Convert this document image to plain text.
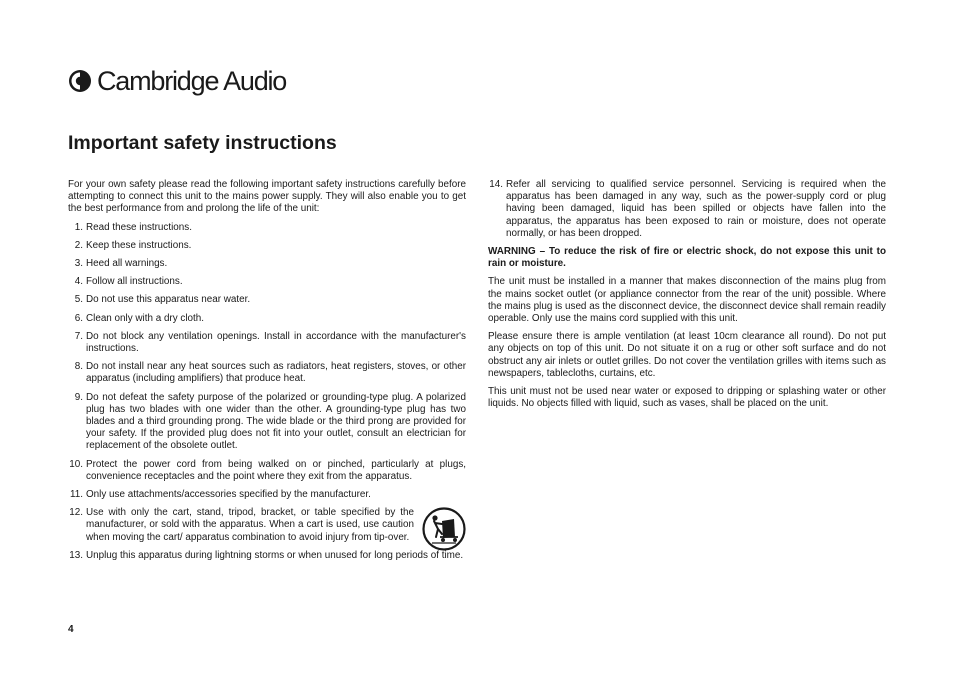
Cambridge Audio
Important safety instructions

For your own safety please read the following important safety instructions carefully before attempting to connect this unit to the mains power supply. They will also enable you to get the best performance from and prolong the life of the unit:

1. Read these instructions.
2. Keep these instructions.
3. Heed all warnings.
4. Follow all instructions.
5. Do not use this apparatus near water.
6. Clean only with a dry cloth.
7. Do not block any ventilation openings. Install in accordance with the manufacturer's instructions.
8. Do not install near any heat sources such as radiators, heat registers, stoves, or other apparatus (including amplifiers) that produce heat.
9. Do not defeat the safety purpose of the polarized or grounding-type plug. A polarized plug has two blades with one wider than the other. A grounding-type plug has two blades and a third grounding prong. The wide blade or the third prong are provided for your safety. If the provided plug does not fit into your outlet, consult an electrician for replacement of the obsolete outlet.
10. Protect the power cord from being walked on or pinched, particularly at plugs, convenience receptacles and the point where they exit from the apparatus.
11. Only use attachments/accessories specified by the manufacturer.
12. Use with only the cart, stand, tripod, bracket, or table specified by the manufacturer, or sold with the apparatus. When a cart is used, use caution when moving the cart/ apparatus combination to avoid injury from tip-over.
13. Unplug this apparatus during lightning storms or when unused for long periods of time.
14. Refer all servicing to qualified service personnel. Servicing is required when the apparatus has been damaged in any way, such as the power-supply cord or plug having been damaged, liquid has been spilled or objects have fallen into the apparatus, the apparatus has been exposed to rain or moisture, does not operate normally, or has been dropped.

WARNING – To reduce the risk of fire or electric shock, do not expose this unit to rain or moisture.

The unit must be installed in a manner that makes disconnection of the mains plug from the mains socket outlet (or appliance connector from the rear of the unit) possible. Where the mains plug is used as the disconnect device, the disconnect device shall remain readily operable. Only use the mains cord supplied with this unit.

Please ensure there is ample ventilation (at least 10cm clearance all round). Do not put any objects on top of this unit. Do not situate it on a rug or other soft surface and do not obstruct any air inlets or outlet grilles. Do not cover the ventilation grilles with items such as newspapers, tablecloths, curtains, etc.

This unit must not be used near water or exposed to dripping or splashing water or other liquids. No objects filled with liquid, such as vases, shall be placed on the unit.

4
